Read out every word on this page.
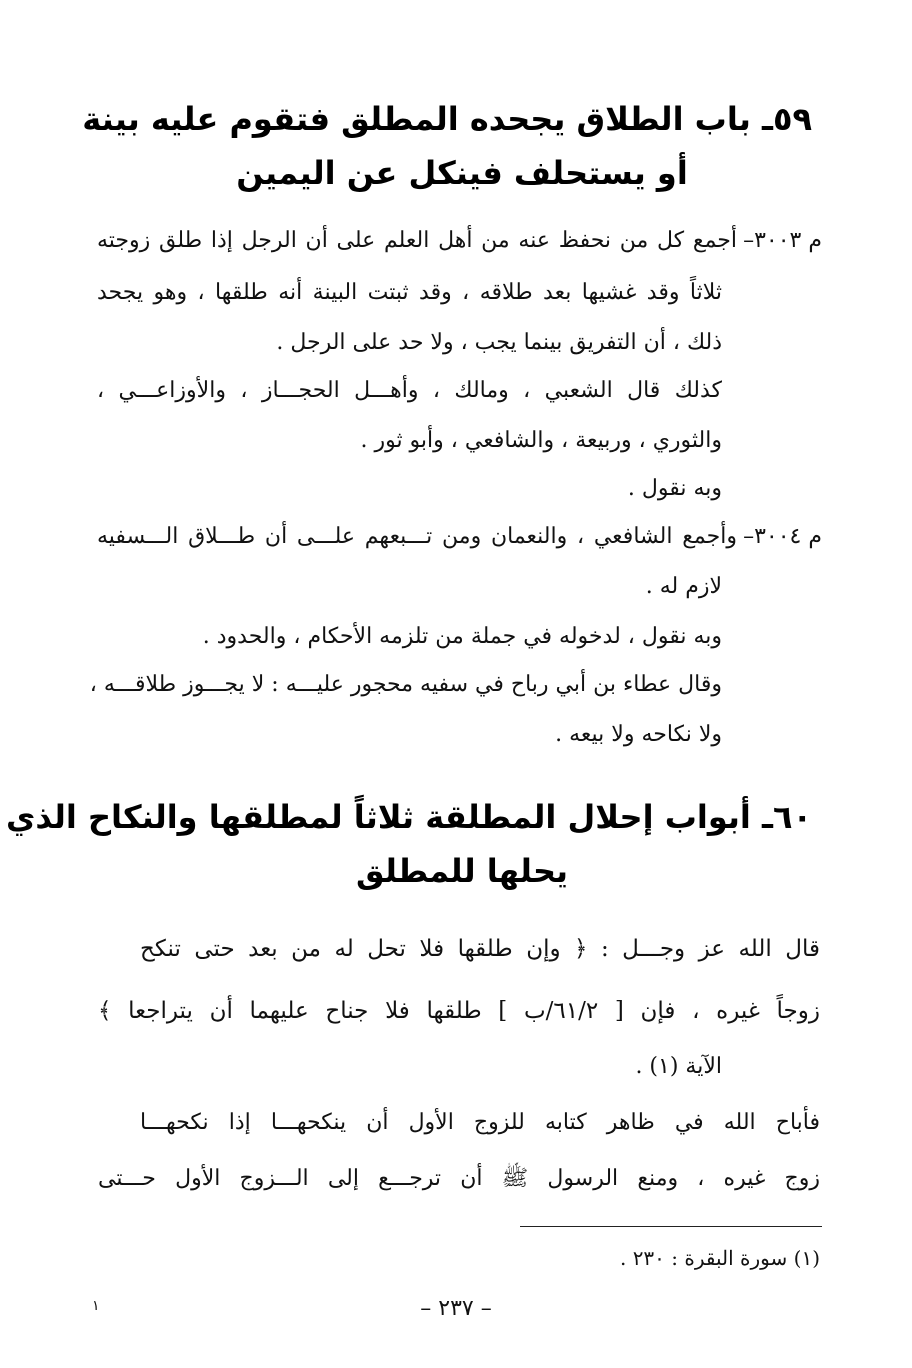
٥٩ـ باب الطلاق يجحده المطلق فتقوم عليه بينة
أو يستحلف فينكل عن اليمين
م ٣٠٠٣–
أجمع كل من نحفظ عنه من أهل العلم على أن الرجل إذا طلق زوجته
ثلاثاً وقد غشيها بعد طلاقه ، وقد ثبتت البينة أنه طلقها ، وهو يجحد
ذلك ، أن التفريق بينما يجب ، ولا حد على الرجل .
كذلك قال الشعبي ، ومالك ، وأهـــل الحجـــاز ، والأوزاعـــي ،
والثوري ، وربيعة ، والشافعي ، وأبو ثور .
وبه نقول .
م ٣٠٠٤–
وأجمع الشافعي ، والنعمان ومن تـــبعهم علـــى أن طـــلاق الـــسفيه
لازم له .
وبه نقول ، لدخوله في جملة من تلزمه الأحكام ، والحدود .
وقال عطاء بن أبي رباح في سفيه محجور عليـــه : لا يجـــوز طلاقـــه ،
ولا نكاحه ولا بيعه .
٦٠ـ أبواب إحلال المطلقة ثلاثاً لمطلقها والنكاح الذي
يحلها للمطلق
قال الله عز وجـــل : ﴿ وإن طلقها فلا تحل له من بعد حتى تنكح
زوجاً غيره ، فإن [ ٦١/٢/ب ] طلقها فلا جناح عليهما أن يتراجعا ﴾
الآية (١) .
فأباح الله في ظاهر كتابه للزوج الأول أن ينكحهـــا إذا نكحهـــا
زوج غيره ، ومنع الرسول ﷺ أن ترجـــع إلى الـــزوج الأول حـــتى
(١) سورة البقرة : ٢٣٠ .
– ٢٣٧ –
١
